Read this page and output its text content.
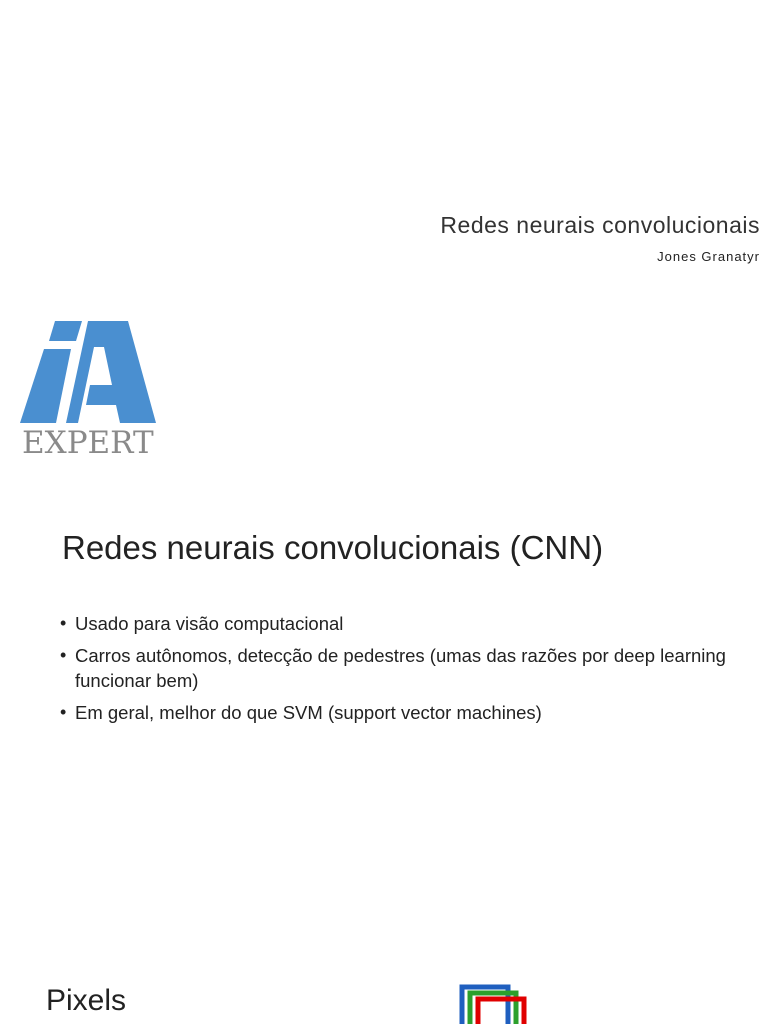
Redes neurais convolucionais
Jones Granatyr
EXPERT
Redes neurais convolucionais (CNN)
• Usado para visão computacional
• Carros autônomos, detecção de pedestres (umas das razões por deep learning funcionar bem)
• Em geral, melhor do que SVM (support vector machines)
Pixels
